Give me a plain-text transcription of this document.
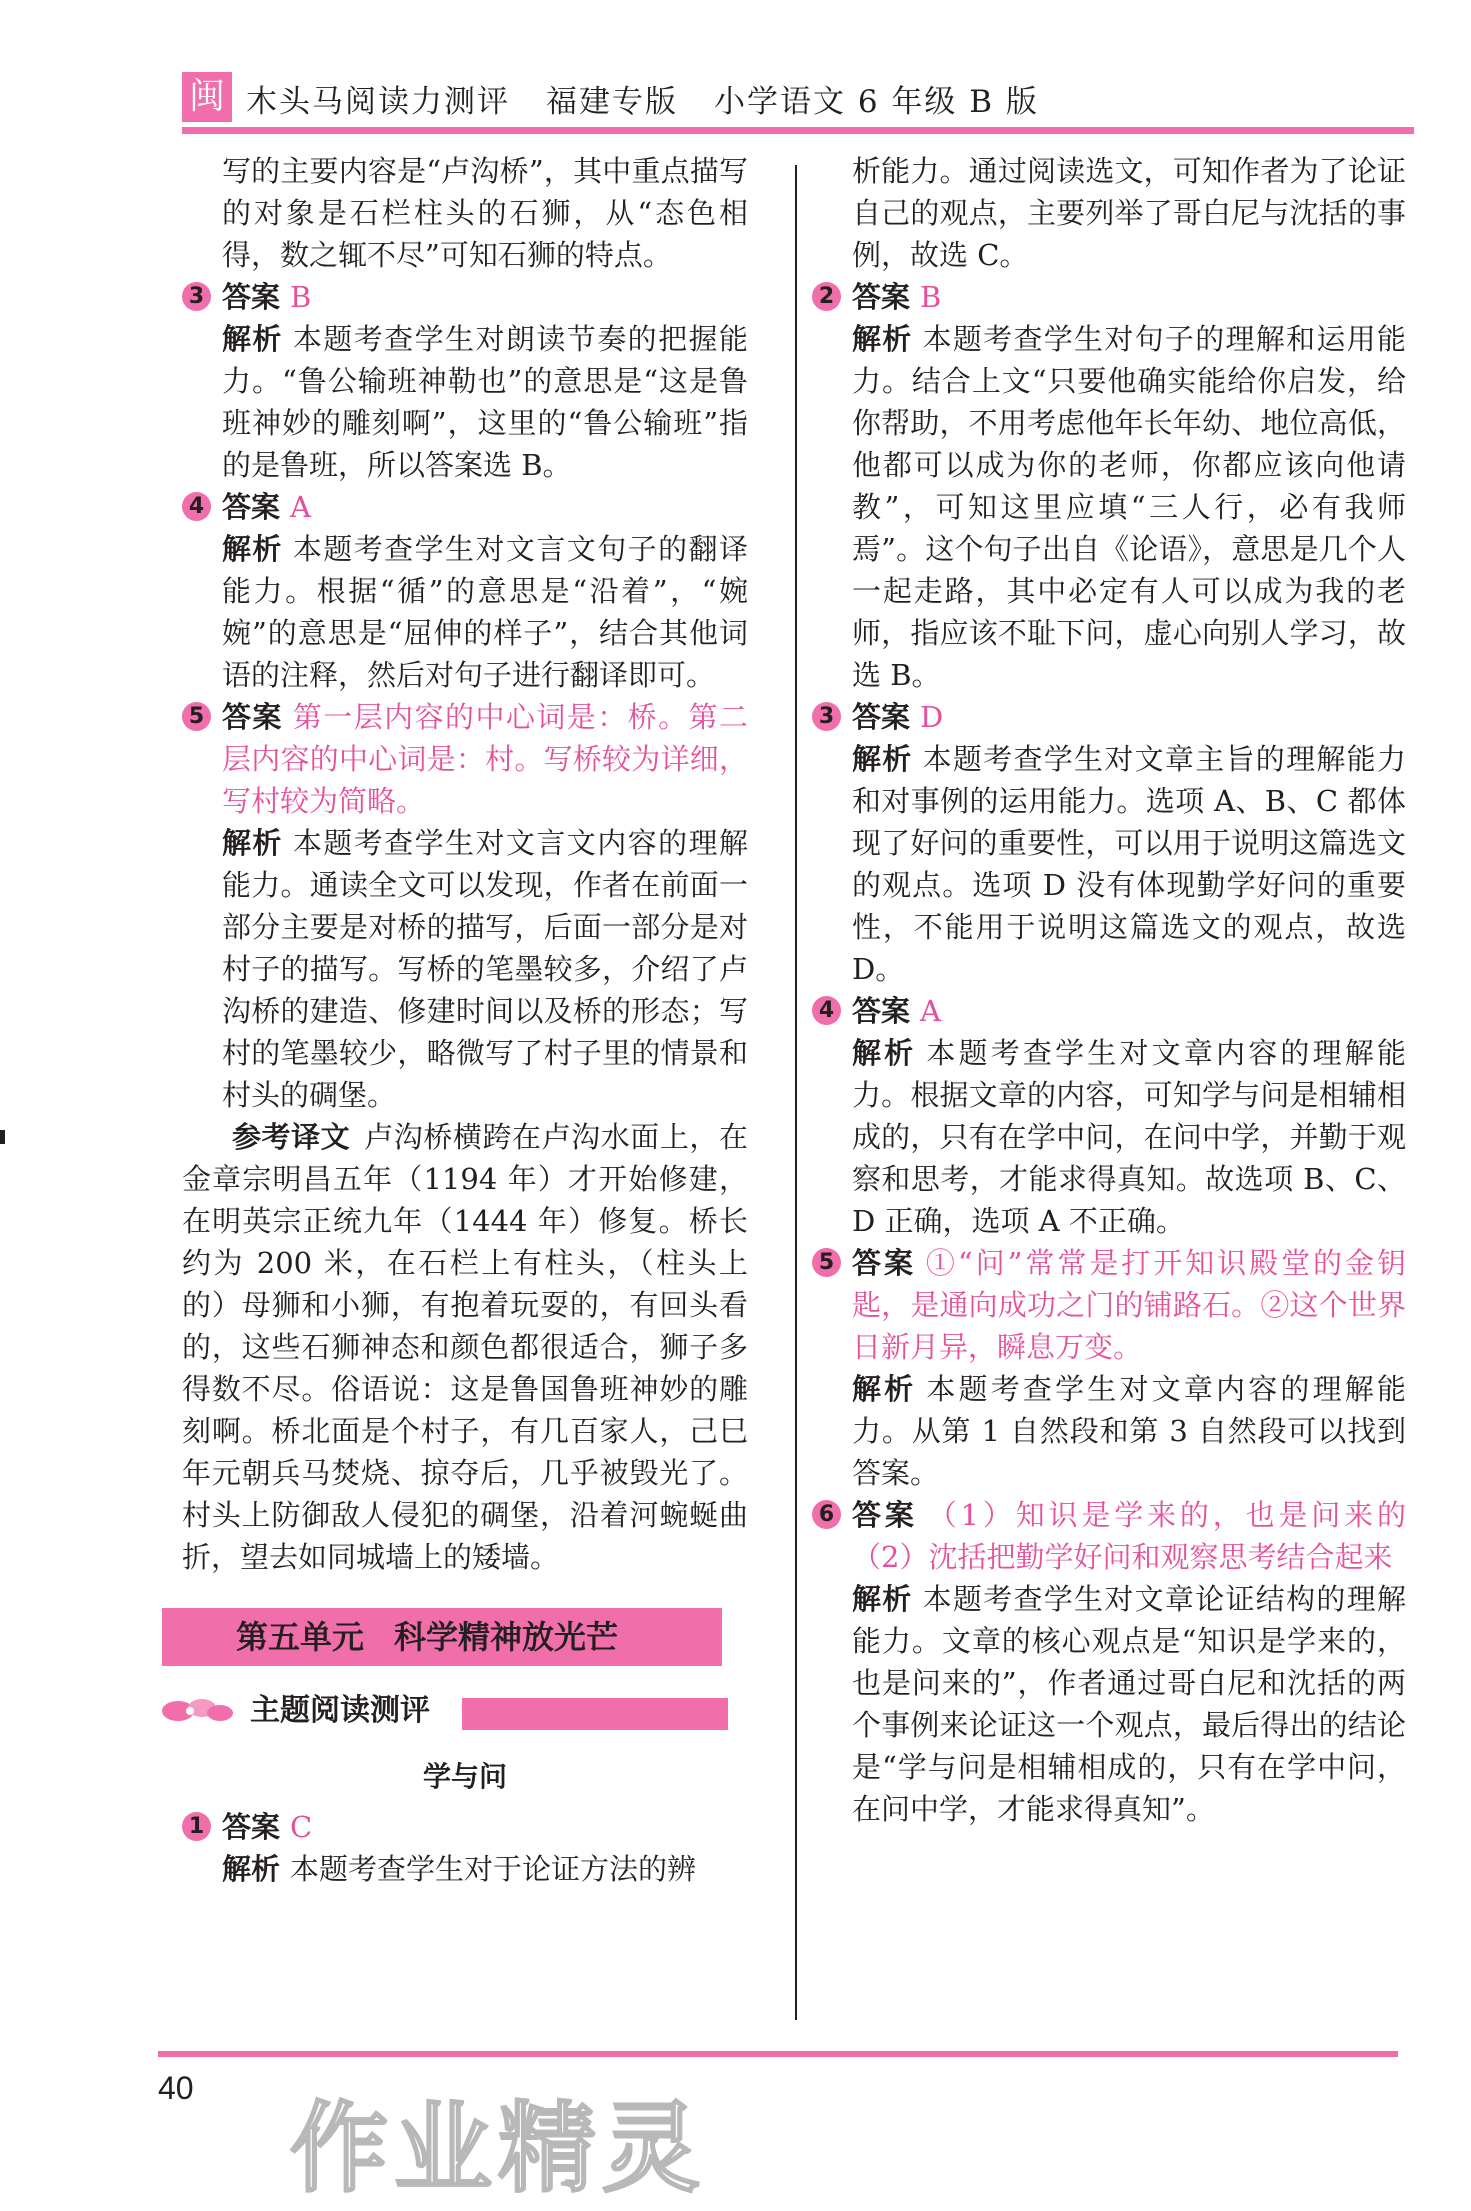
闽 木头马阅读力测评 福建专版 小学语文 6 年级 B 版

写的主要内容是“卢沟桥”，其中重点描写的对象是石栏柱头的石狮，从“态色相得，数之辄不尽”可知石狮的特点。

3 答案 B

解析 本题考查学生对朗读节奏的把握能力。“鲁公输班神勒也”的意思是“这是鲁班神妙的雕刻啊”，这里的“鲁公输班”指的是鲁班，所以答案选 B。

4 答案 A

解析 本题考查学生对文言文句子的翻译能力。根据“循”的意思是“沿着”，“婉婉”的意思是“屈伸的样子”，结合其他词语的注释，然后对句子进行翻译即可。

5 答案 第一层内容的中心词是：桥。第二层内容的中心词是：村。写桥较为详细，写村较为简略。

解析 本题考查学生对文言文内容的理解能力。通读全文可以发现，作者在前面一部分主要是对桥的描写，后面一部分是对村子的描写。写桥的笔墨较多，介绍了卢沟桥的建造、修建时间以及桥的形态；写村的笔墨较少，略微写了村子里的情景和村头的碉堡。

参考译文 卢沟桥横跨在卢沟水面上，在金章宗明昌五年（1194 年）才开始修建，在明英宗正统九年（1444 年）修复。桥长约为 200 米，在石栏上有柱头，（柱头上的）母狮和小狮，有抱着玩耍的，有回头看的，这些石狮神态和颜色都很适合，狮子多得数不尽。俗语说：这是鲁国鲁班神妙的雕刻啊。桥北面是个村子，有几百家人，己巳年元朝兵马焚烧、掠夺后，几乎被毁光了。村头上防御敌人侵犯的碉堡，沿着河蜿蜒曲折，望去如同城墙上的矮墙。

第五单元 科学精神放光芒
主题阅读测评
学与问
1 答案 C

解析 本题考查学生对于论证方法的辨

析能力。通过阅读选文，可知作者为了论证自己的观点，主要列举了哥白尼与沈括的事例，故选 C。

2 答案 B

解析 本题考查学生对句子的理解和运用能力。结合上文“只要他确实能给你启发，给你帮助，不用考虑他年长年幼、地位高低，他都可以成为你的老师，你都应该向他请教”，可知这里应填“三人行，必有我师焉”。这个句子出自《论语》，意思是几个人一起走路，其中必定有人可以成为我的老师，指应该不耻下问，虚心向别人学习，故选 B。

3 答案 D

解析 本题考查学生对文章主旨的理解能力和对事例的运用能力。选项 A、B、C 都体现了好问的重要性，可以用于说明这篇选文的观点。选项 D 没有体现勤学好问的重要性，不能用于说明这篇选文的观点，故选 D。

4 答案 A

解析 本题考查学生对文章内容的理解能力。根据文章的内容，可知学与问是相辅相成的，只有在学中问，在问中学，并勤于观察和思考，才能求得真知。故选项 B、C、D 正确，选项 A 不正确。

5 答案 ①“问”常常是打开知识殿堂的金钥匙，是通向成功之门的铺路石。②这个世界日新月异，瞬息万变。

解析 本题考查学生对文章内容的理解能力。从第 1 自然段和第 3 自然段可以找到答案。

6 答案 （1）知识是学来的，也是问来的（2）沈括把勤学好问和观察思考结合起来

解析 本题考查学生对文章论证结构的理解能力。文章的核心观点是“知识是学来的，也是问来的”，作者通过哥白尼和沈括的两个事例来论证这一个观点，最后得出的结论是“学与问是相辅相成的，只有在学中问，在问中学，才能求得真知”。

40
作业精灵
